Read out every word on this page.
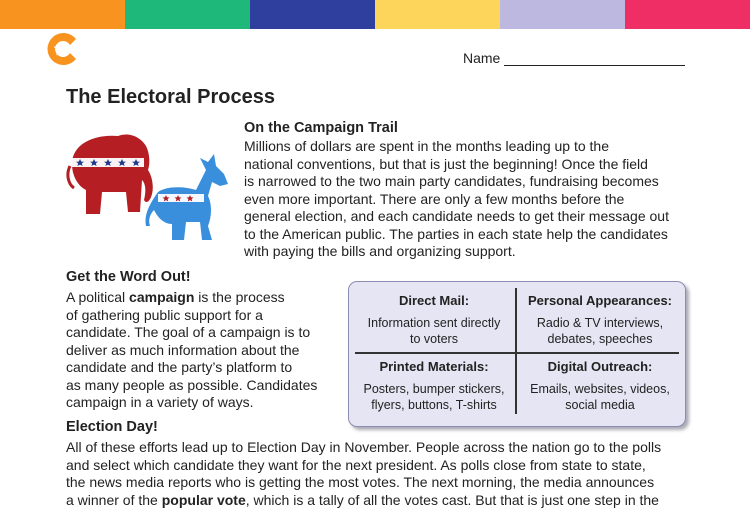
Name
The Electoral Process
On the Campaign Trail
Millions of dollars are spent in the months leading up to the
national conventions, but that is just the beginning! Once the field
is narrowed to the two main party candidates, fundraising becomes
even more important. There are only a few months before the
general election, and each candidate needs to get their message out
to the American public. The parties in each state help the candidates
with paying the bills and organizing support.
Get the Word Out!
A political campaign is the process
of gathering public support for a
candidate. The goal of a campaign is to
deliver as much information about the
candidate and the party’s platform to
as many people as possible. Candidates
campaign in a variety of ways.
Direct Mail:
Information sent directly
to voters
Personal Appearances:
Radio & TV interviews,
debates, speeches
Printed Materials:
Posters, bumper stickers,
flyers, buttons, T-shirts
Digital Outreach:
Emails, websites, videos,
social media
Election Day!
All of these efforts lead up to Election Day in November. People across the nation go to the polls
and select which candidate they want for the next president. As polls close from state to state,
the news media reports who is getting the most votes. The next morning, the media announces
a winner of the popular vote, which is a tally of all the votes cast. But that is just one step in the
